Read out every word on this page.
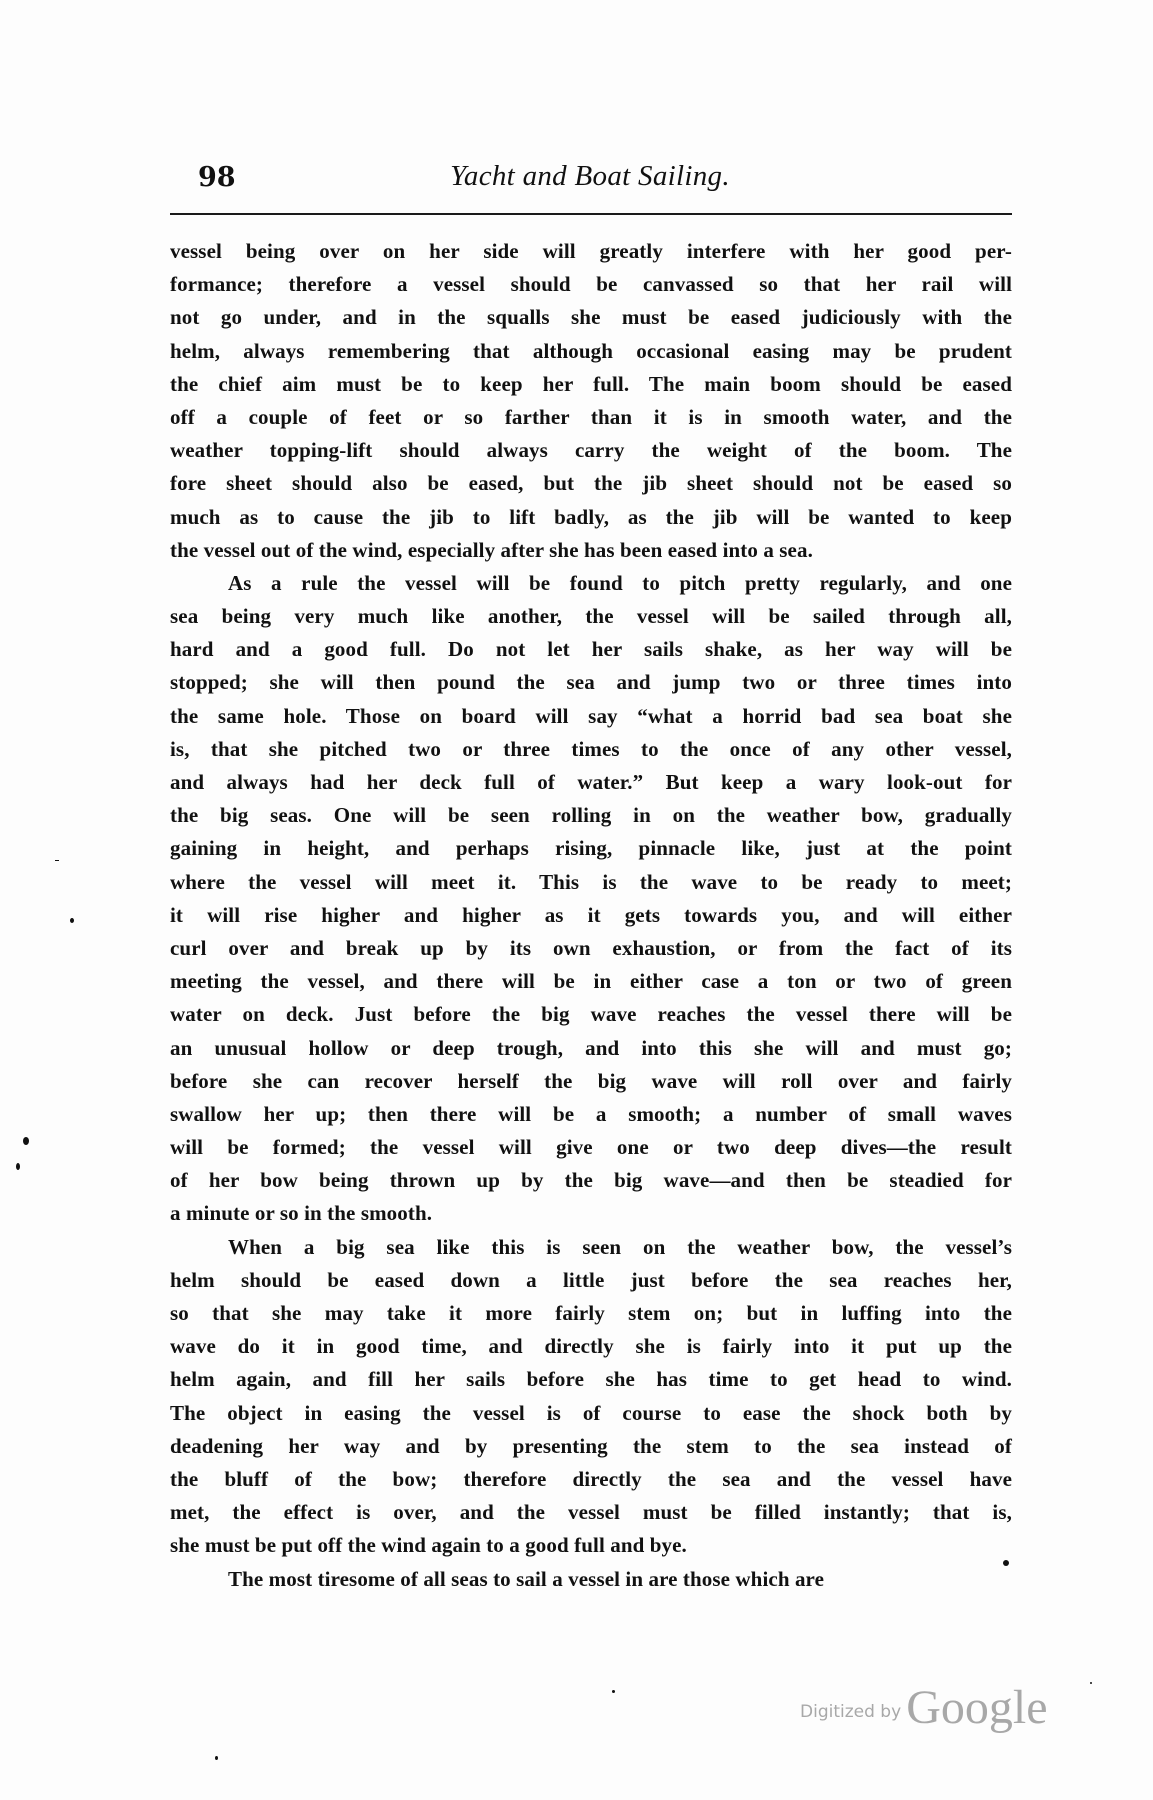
98	Yacht and Boat Sailing.
vessel being over on her side will greatly interfere with her good per-
formance; therefore a vessel should be canvassed so that her rail will
not go under, and in the squalls she must be eased judiciously with the
helm, always remembering that although occasional easing may be prudent
the chief aim must be to keep her full. The main boom should be eased
off a couple of feet or so farther than it is in smooth water, and the
weather topping-lift should always carry the weight of the boom. The
fore sheet should also be eased, but the jib sheet should not be eased so
much as to cause the jib to lift badly, as the jib will be wanted to keep
the vessel out of the wind, especially after she has been eased into a sea.
As a rule the vessel will be found to pitch pretty regularly, and one
sea being very much like another, the vessel will be sailed through all,
hard and a good full. Do not let her sails shake, as her way will be
stopped; she will then pound the sea and jump two or three times into
the same hole. Those on board will say “what a horrid bad sea boat she
is, that she pitched two or three times to the once of any other vessel,
and always had her deck full of water.” But keep a wary look-out for
the big seas. One will be seen rolling in on the weather bow, gradually
gaining in height, and perhaps rising, pinnacle like, just at the point
where the vessel will meet it. This is the wave to be ready to meet;
it will rise higher and higher as it gets towards you, and will either
curl over and break up by its own exhaustion, or from the fact of its
meeting the vessel, and there will be in either case a ton or two of green
water on deck. Just before the big wave reaches the vessel there will be
an unusual hollow or deep trough, and into this she will and must go;
before she can recover herself the big wave will roll over and fairly
swallow her up; then there will be a smooth; a number of small waves
will be formed; the vessel will give one or two deep dives—the result
of her bow being thrown up by the big wave—and then be steadied for
a minute or so in the smooth.
When a big sea like this is seen on the weather bow, the vessel’s
helm should be eased down a little just before the sea reaches her,
so that she may take it more fairly stem on; but in luffing into the
wave do it in good time, and directly she is fairly into it put up the
helm again, and fill her sails before she has time to get head to wind.
The object in easing the vessel is of course to ease the shock both by
deadening her way and by presenting the stem to the sea instead of
the bluff of the bow; therefore directly the sea and the vessel have
met, the effect is over, and the vessel must be filled instantly; that is,
she must be put off the wind again to a good full and bye.
The most tiresome of all seas to sail a vessel in are those which are
Digitized by Google
